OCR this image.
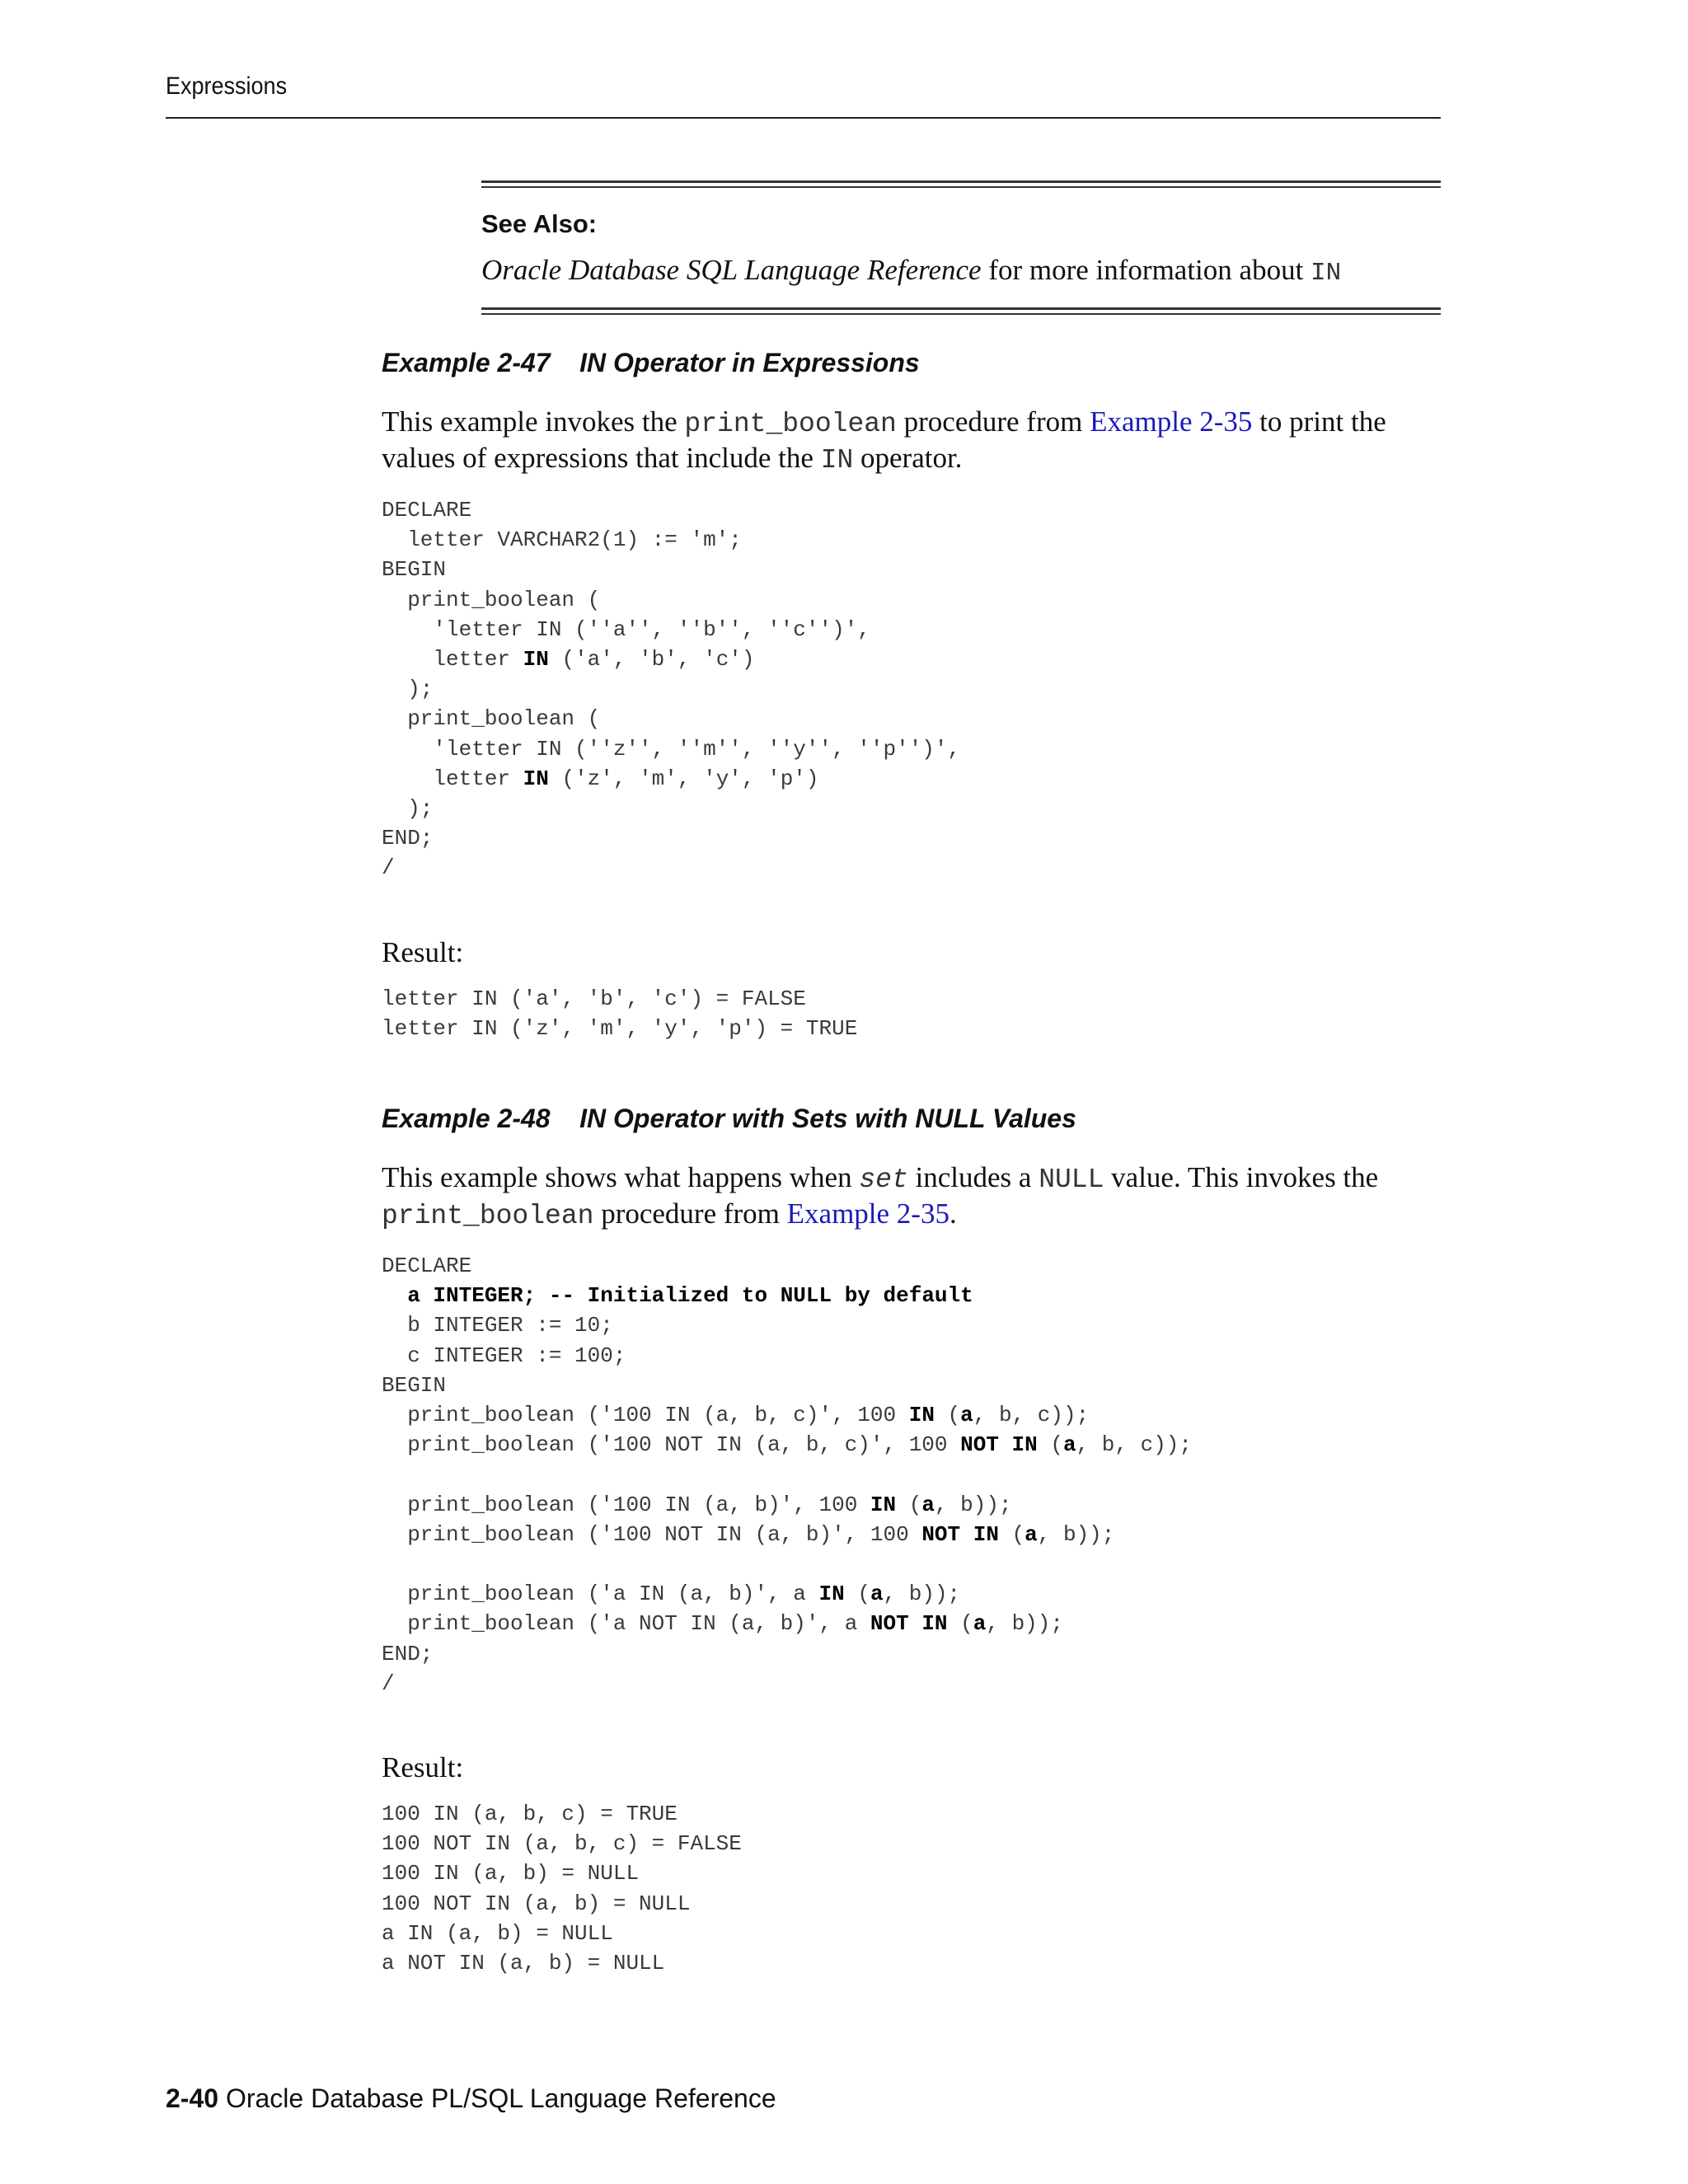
Expressions
See Also:
Oracle Database SQL Language Reference for more information about IN
Example 2-47 IN Operator in Expressions
This example invokes the print_boolean procedure from Example 2-35 to print the values of expressions that include the IN operator.
DECLARE
letter VARCHAR2(1) := 'm';
BEGIN
print_boolean (
'letter IN (''a'', ''b'', ''c'')',
letter IN ('a', 'b', 'c')
);
print_boolean (
'letter IN (''z'', ''m'', ''y'', ''p'')',
letter IN ('z', 'm', 'y', 'p')
);
END;
/
Result:
letter IN ('a', 'b', 'c') = FALSE
letter IN ('z', 'm', 'y', 'p') = TRUE
Example 2-48 IN Operator with Sets with NULL Values
This example shows what happens when set includes a NULL value. This invokes the print_boolean procedure from Example 2-35.
DECLARE
a INTEGER; -- Initialized to NULL by default
b INTEGER := 10;
c INTEGER := 100;
BEGIN
print_boolean ('100 IN (a, b, c)', 100 IN (a, b, c));
print_boolean ('100 NOT IN (a, b, c)', 100 NOT IN (a, b, c));

print_boolean ('100 IN (a, b)', 100 IN (a, b));
print_boolean ('100 NOT IN (a, b)', 100 NOT IN (a, b));

print_boolean ('a IN (a, b)', a IN (a, b));
print_boolean ('a NOT IN (a, b)', a NOT IN (a, b));
END;
/
Result:
100 IN (a, b, c) = TRUE
100 NOT IN (a, b, c) = FALSE
100 IN (a, b) = NULL
100 NOT IN (a, b) = NULL
a IN (a, b) = NULL
a NOT IN (a, b) = NULL
2-40 Oracle Database PL/SQL Language Reference
